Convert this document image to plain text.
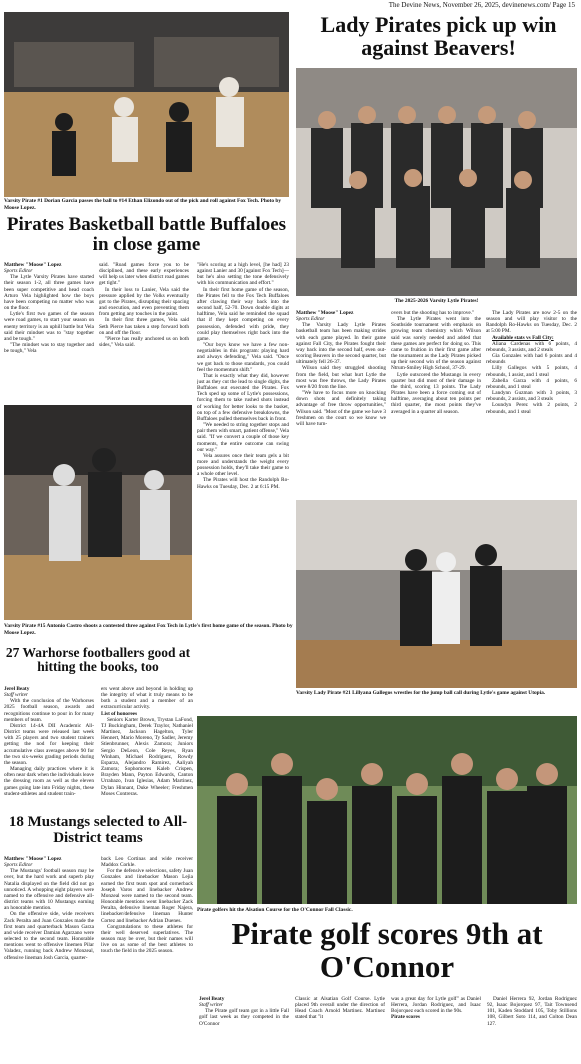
The Devine News, November 26, 2025, devinenews.com/ Page 15
Varsity Pirate #1 Dorian Garcia passes the ball to #14 Ethan Elizondo out of the pick and roll against Fox Tech. Photo by Moose Lopez.
Pirates Basketball battle Buffaloes in close game
Matthew "Moose" Lopez
Sports Editor

The Lytle Varsity Pirates have started their season 1-2, all three games have been super competitive and head coach Arturo Vela highlighted how the boys have been competing no matter who was on the floor.

Lytle's first two games of the season were road games, to start your season on enemy territory is an uphill battle but Vela said their mindset was to "stay together and be tough."

"The mindset was to stay together and be tough," Vela

said. "Road games force you to be disciplined, and these early experiences will help us later when district road games get tight."

In their loss to Lanier, Vela said the pressure applied by the Volks eventually got to the Pirates, disrupting their spacing and execution, and even preventing them from getting any touches in the paint.

In their first three games, Vela said Seth Pierce has taken a step forward both on and off the floor.

"Pierce has really anchored us on both sides," Vela said.

"He's scoring at a high level, [he had] 23 against Lanier and 30 [against Fox Tech]—but he's also setting the tone defensively with his communication and effort."

In their first home game of the season, the Pirates fell to the Fox Tech Buffaloes after clawing their way back into the second half, 52-70. Down double digits at halftime, Vela said he reminded the squad that if they kept competing on every possession, defended with pride, they could play themselves right back into the game.

"Our boys know we have a few non-negotiables in this program: playing hard and always defending," Vela said. "Once we got back to those standards, you could feel the momentum shift."

That is exactly what they did, however just as they cut the lead to single digits, the Buffaloes out executed the Pirates. Fox Tech sped up some of Lytle's possessions, forcing them to take rushed shots instead of working for better looks to the basket, on top of a few defensive breakdowns, the Buffaloes pulled themselves back in front.

"We needed to string together stops and pair them with smart, patient offense," Vela said. "If we convert a couple of those key moments, the entire outcome can swing our way."

Vela assures once their team gels a bit more and understands the weight every possession holds, they'll take their game to a whole other level.

The Pirates will host the Randolph Ro-Hawks on Tuesday, Dec. 2 at 6:15 PM.

Varsity Pirate #15 Antonio Castro shoots a contested three against Fox Tech in Lytle's first home game of the season. Photo by Moose Lopez.
Lady Pirates pick up win against Beavers!
The 2025-2026 Varsity Lytle Pirates!
Matthew "Moose" Lopez
Sports Editor

The Varsity Lady Lytle Pirates basketball team has been making strides with each game played. In their game against Fall City, the Pirates fought their way back into the second half, even out-scoring Beavers in the second quarter, but ultimately fell 26-37.

Wilson said they struggled shooting from the field, but what hurt Lytle the most was free throws, the Lady Pirates were 8/20 from the line.

"We have to focus more on knocking down shots and definitely taking advantage of free throw opportunities," Wilson said. "Most of the game we have 3 freshmen on the court so we know we will have turn-

overs but the shooting has to improve."

The Lytle Pirates went into the Southside tournament with emphasis on growing team chemistry which Wilson said was sorely needed and added that these games are perfect for doing so. This came to fruition in their first game after the tournament as the Lady Pirates picked up their second win of the season against Ntrum-Smiley High School, 37-29.

Lytle outscored the Mustangs in every quarter but did most of their damage in the third, scoring 13 points. The Lady Pirates have been a force coming out of halftime, averaging about ten points per third quarter, the most points they've averaged in a quarter all season.

The Lady Pirates are now 2-5 on the season and will play visitor to the Randolph Ro-Hawks on Tuesday, Dec. 2 at 5:00 PM.

Available stats vs Fall City:

Aliana Cardenas with 6 points, 4 rebounds, 3 assists, and 2 steals

Gia Gonzales with had 6 points and 4 rebounds

Lilly Gallegos with 5 points, 4 rebounds, 1 assist, and 1 steal

Zabella Garza with 4 points, 6 rebounds, and 1 steal

Landynn Guzman with 3 points, 3 rebounds, 2 assists, and 3 steals

Loundyn Perez with 2 points, 2 rebounds, and 1 steal

Varsity Lady Pirate #21 Lillyana Gallegos wrestles for the jump ball call during Lytle's game against Utopia.
27 Warhorse footballers good at hitting the books, too
Jerel Beaty
Staff writer

With the conclusion of the Warhorses 2025 football season, awards and recognitions continue to pour in for many members of team.

District 14-4A DII Academic All-District teams were released last week with 25 players and two student trainers getting the nod for keeping their accumulative class averages above 90 for the two six-weeks grading periods during the season.

Managing daily practices where it is often near dark when the individuals leave the dressing room as well as the eleven games going late into Friday nights, these student-athletes and student train-

ers went above and beyond in holding up the integrity of what it truly means to be both a student and a member of an extracurricular activity.

List of honorees

Seniors Karter Brown, Trystan LaFond, TJ Buckingham, Derek Traylor, Nathaniel Martinez, Jackson Hagelton, Tyler Hennert, Mario Moreno, Ty Sadler, Jeremy Stienbrunner, Alexis Zamora; Juniors Sergio DeLeon, Cole Reyes, Ryan Winham, Michael Rodriguez, Rowdy Esparza, Alejandro Ramirez, Aaliyah Zamora; Sophomores Kaleb Crispen, Brayden Mann, Payton Edwards, Canton Urrabazo, Ivan Iglesias, Adam Martinez, Dylan Hinnant, Duke Wheeler; Freshmen Moses Contreras.

18 Mustangs selected to All-District teams
Matthew "Moose" Lopez
Sports Editor

The Mustangs' football season may be over, but the hard work and superb play Natalia displayed on the field did not go unnoticed. A whopping eight players were named to the offensive and defensive all-district teams with 10 Mustangs earning an honorable mention.

On the offensive side, wide receivers Zack Peralta and Juan Gonzales made the first team and quarterback Mason Garza and wide receiver Damian Agarzano were selected to the second team. Honorable mentions went to offensive linemen Pilar Valadez, running back Andrew Monzeal, offensive lineman Josh Garcia, quarter-

back Leo Cortinas and wide receiver Maddox Corkle.

For the defensive selections, safety Juan Gonzales and linebacker Mason Lejia earned the first team spot and cornerback Joseph Varos and linebacker Andrew Monzeal were named to the second team. Honorable mentions went linebacker Zack Peralta, defensive lineman Roger Najera, linebacker/defensive lineman Hunter Cortez and linebacker Adrian Duenes.

Congratulations to these athletes for their well deserved superlatives. The season may be over, but their names will live on as some of the best athletes to touch the field in the 2025 season.

Pirate golfers hit the Alsation Course for the O'Connor Fall Classic.
Pirate golf scores 9th at O'Connor
Jerel Beaty
Staff writer

The Pirate golf team got in a little Fall golf last week as they competed in the O'Connor

Classic at Alsatian Golf Course. Lytle placed 9th overall under the direction of Head Coach Arnold Martinez. Martinez stated that "it

was a great day for Lytle golf" as Daniel Herrera, Jordan Rodriguez, and Isaac Bojorquez each scored in the 90s.

Pirate scores

Daniel Herrera 92, Jordan Rodriguez 92, Isaac Bojorquez 97, Tait Townsend 101, Kaden Stoddard 105, Toby Stillions 108, Gilbert Soto 114, and Colton Dean 127.
